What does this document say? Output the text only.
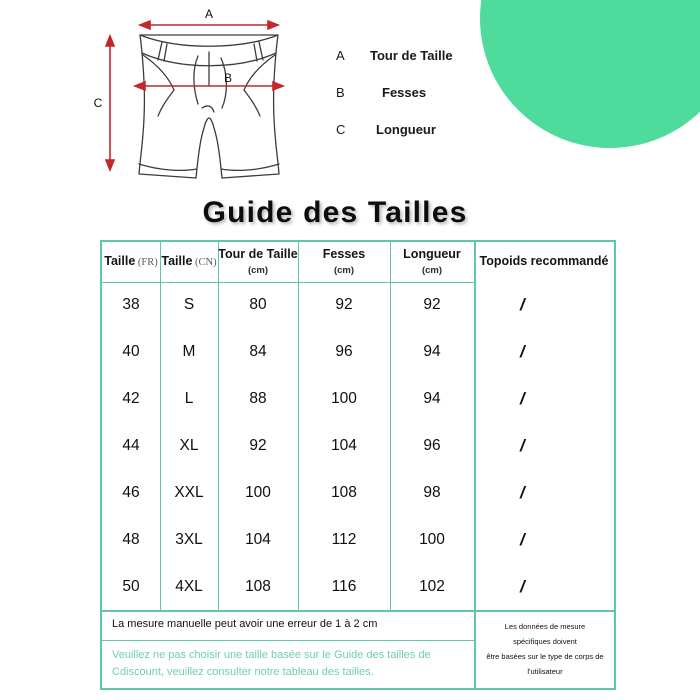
A
B
C
A	Tour de Taille
B	Fesses
C	Longueur
Guide des Tailles
Taille (FR) Taille (CN)
Tour de Taille
(cm)
Fesses
(cm)
Longueur
(cm)
Topoids recommandé
38	S	80	92	92	/
40	M	84	96	94	/
42	L	88	100	94	/
44	XL	92	104	96	/
46	XXL	100	108	98	/
48	3XL	104	112	100	/
50	4XL	108	116	102	/
La mesure manuelle peut avoir une erreur de 1 à 2 cm
Veuillez ne pas choisir une taille basée sur le Guide des tailles de Cdiscount, veuillez consulter notre tableau des tailles.
Les données de mesure spécifiques doivent
être basées sur le type de corps de l'utilisateur
